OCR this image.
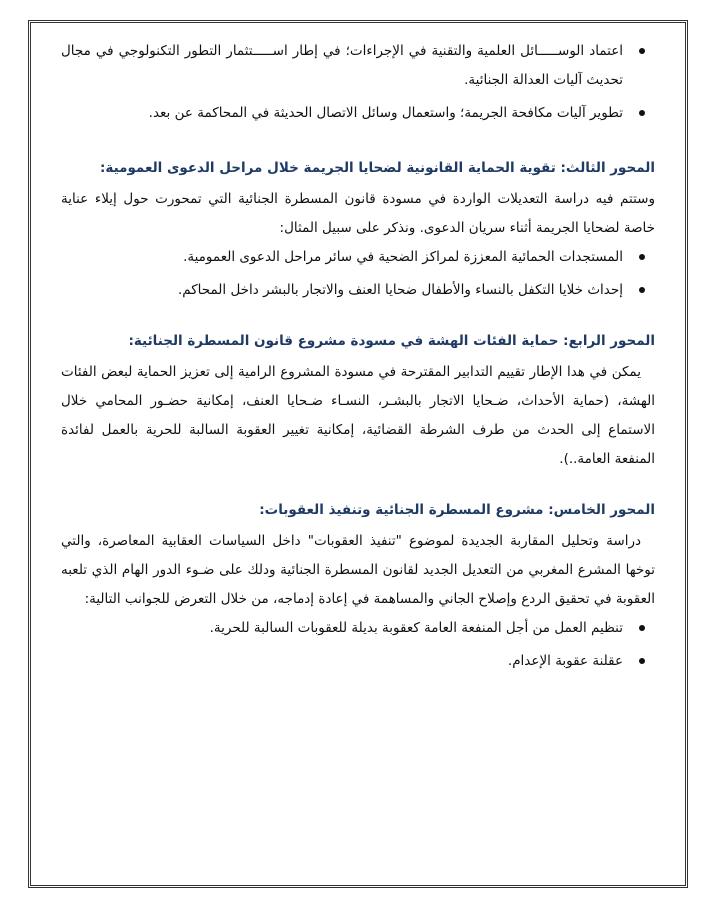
اعتماد الوســـــائل العلمية والتقنية في الإجراءات؛ في إطار اســـــتثمار التطور التكنولوجي في مجال تحديث آليات العدالة الجنائية.
تطوير آليات مكافحة الجريمة؛ واستعمال وسائل الاتصال الحديثة في المحاكمة عن بعد.
المحور الثالث: تقوية الحماية القانونية لضحايا الجريمة خلال مراحل الدعوى العمومية:

وستتم فيه دراسة التعديلات الواردة في مسودة قانون المسطرة الجنائية التي تمحورت حول إيلاء عناية خاصة لضحايا الجريمة أثناء سريان الدعوى. ونذكر على سبيل المثال:

المستجدات الحمائية المعززة لمراكز الضحية في سائر مراحل الدعوى العمومية.
إحداث خلايا التكفل بالنساء والأطفال ضحايا العنف والاتجار بالبشر داخل المحاكم.
المحور الرابع: حماية الفئات الهشة في مسودة مشروع قانون المسطرة الجنائية:

يمكن في هدا الإطار تقييم التدابير المقترحة في مسودة المشروع الرامية إلى تعزيز الحماية لبعض الفئات الهشة، (حماية الأحداث، ضـحايا الاتجار بالبشـر، النسـاء ضـحايا العنف، إمكانية حضـور المحامي خلال الاستماع إلى الحدث من طرف الشرطة القضائية، إمكانية تغيير العقوبة السالبة للحرية بالعمل لفائدة المنفعة العامة..).

المحور الخامس: مشروع المسطرة الجنائية وتنفيذ العقوبات:

دراسة وتحليل المقاربة الجديدة لموضوع "تنفيذ العقوبات" داخل السياسات العقابية المعاصرة، والتي توخها المشرع المغربي من التعديل الجديد لقانون المسطرة الجنائية ودلك على ضـوء الدور الهام الذي تلعبه العقوبة في تحقيق الردع وإصلاح الجاني والمساهمة في إعادة إدماجه، من خلال التعرض للجوانب التالية:

تنظيم العمل من أجل المنفعة العامة كعقوبة بديلة للعقوبات السالبة للحرية.
عقلنة عقوبة الإعدام.
